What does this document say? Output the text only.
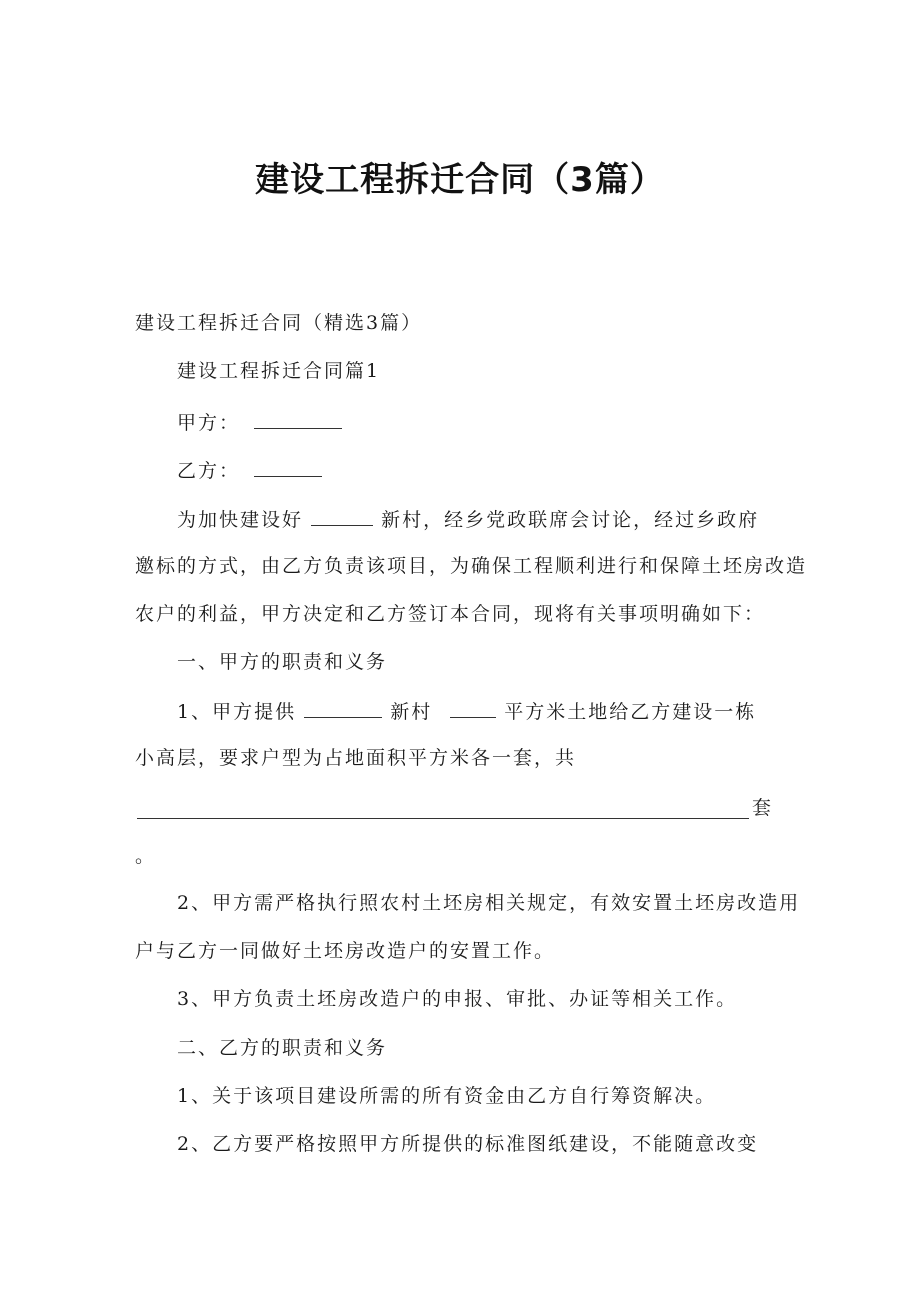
建设工程拆迁合同（3篇）
建设工程拆迁合同（精选3篇）
建设工程拆迁合同篇1
甲方：
乙方：
为加快建设好	新村，经乡党政联席会讨论，经过乡政府
邀标的方式，由乙方负责该项目，为确保工程顺利进行和保障土坯房改造
农户的利益，甲方决定和乙方签订本合同，现将有关事项明确如下：
一、甲方的职责和义务
1、甲方提供	新村	平方米土地给乙方建设一栋
小高层，要求户型为占地面积平方米各一套，共
套
。
2、甲方需严格执行照农村土坯房相关规定，有效安置土坯房改造用
户与乙方一同做好土坯房改造户的安置工作。
3、甲方负责土坯房改造户的申报、审批、办证等相关工作。
二、乙方的职责和义务
1、关于该项目建设所需的所有资金由乙方自行筹资解决。
2、乙方要严格按照甲方所提供的标准图纸建设，不能随意改变
